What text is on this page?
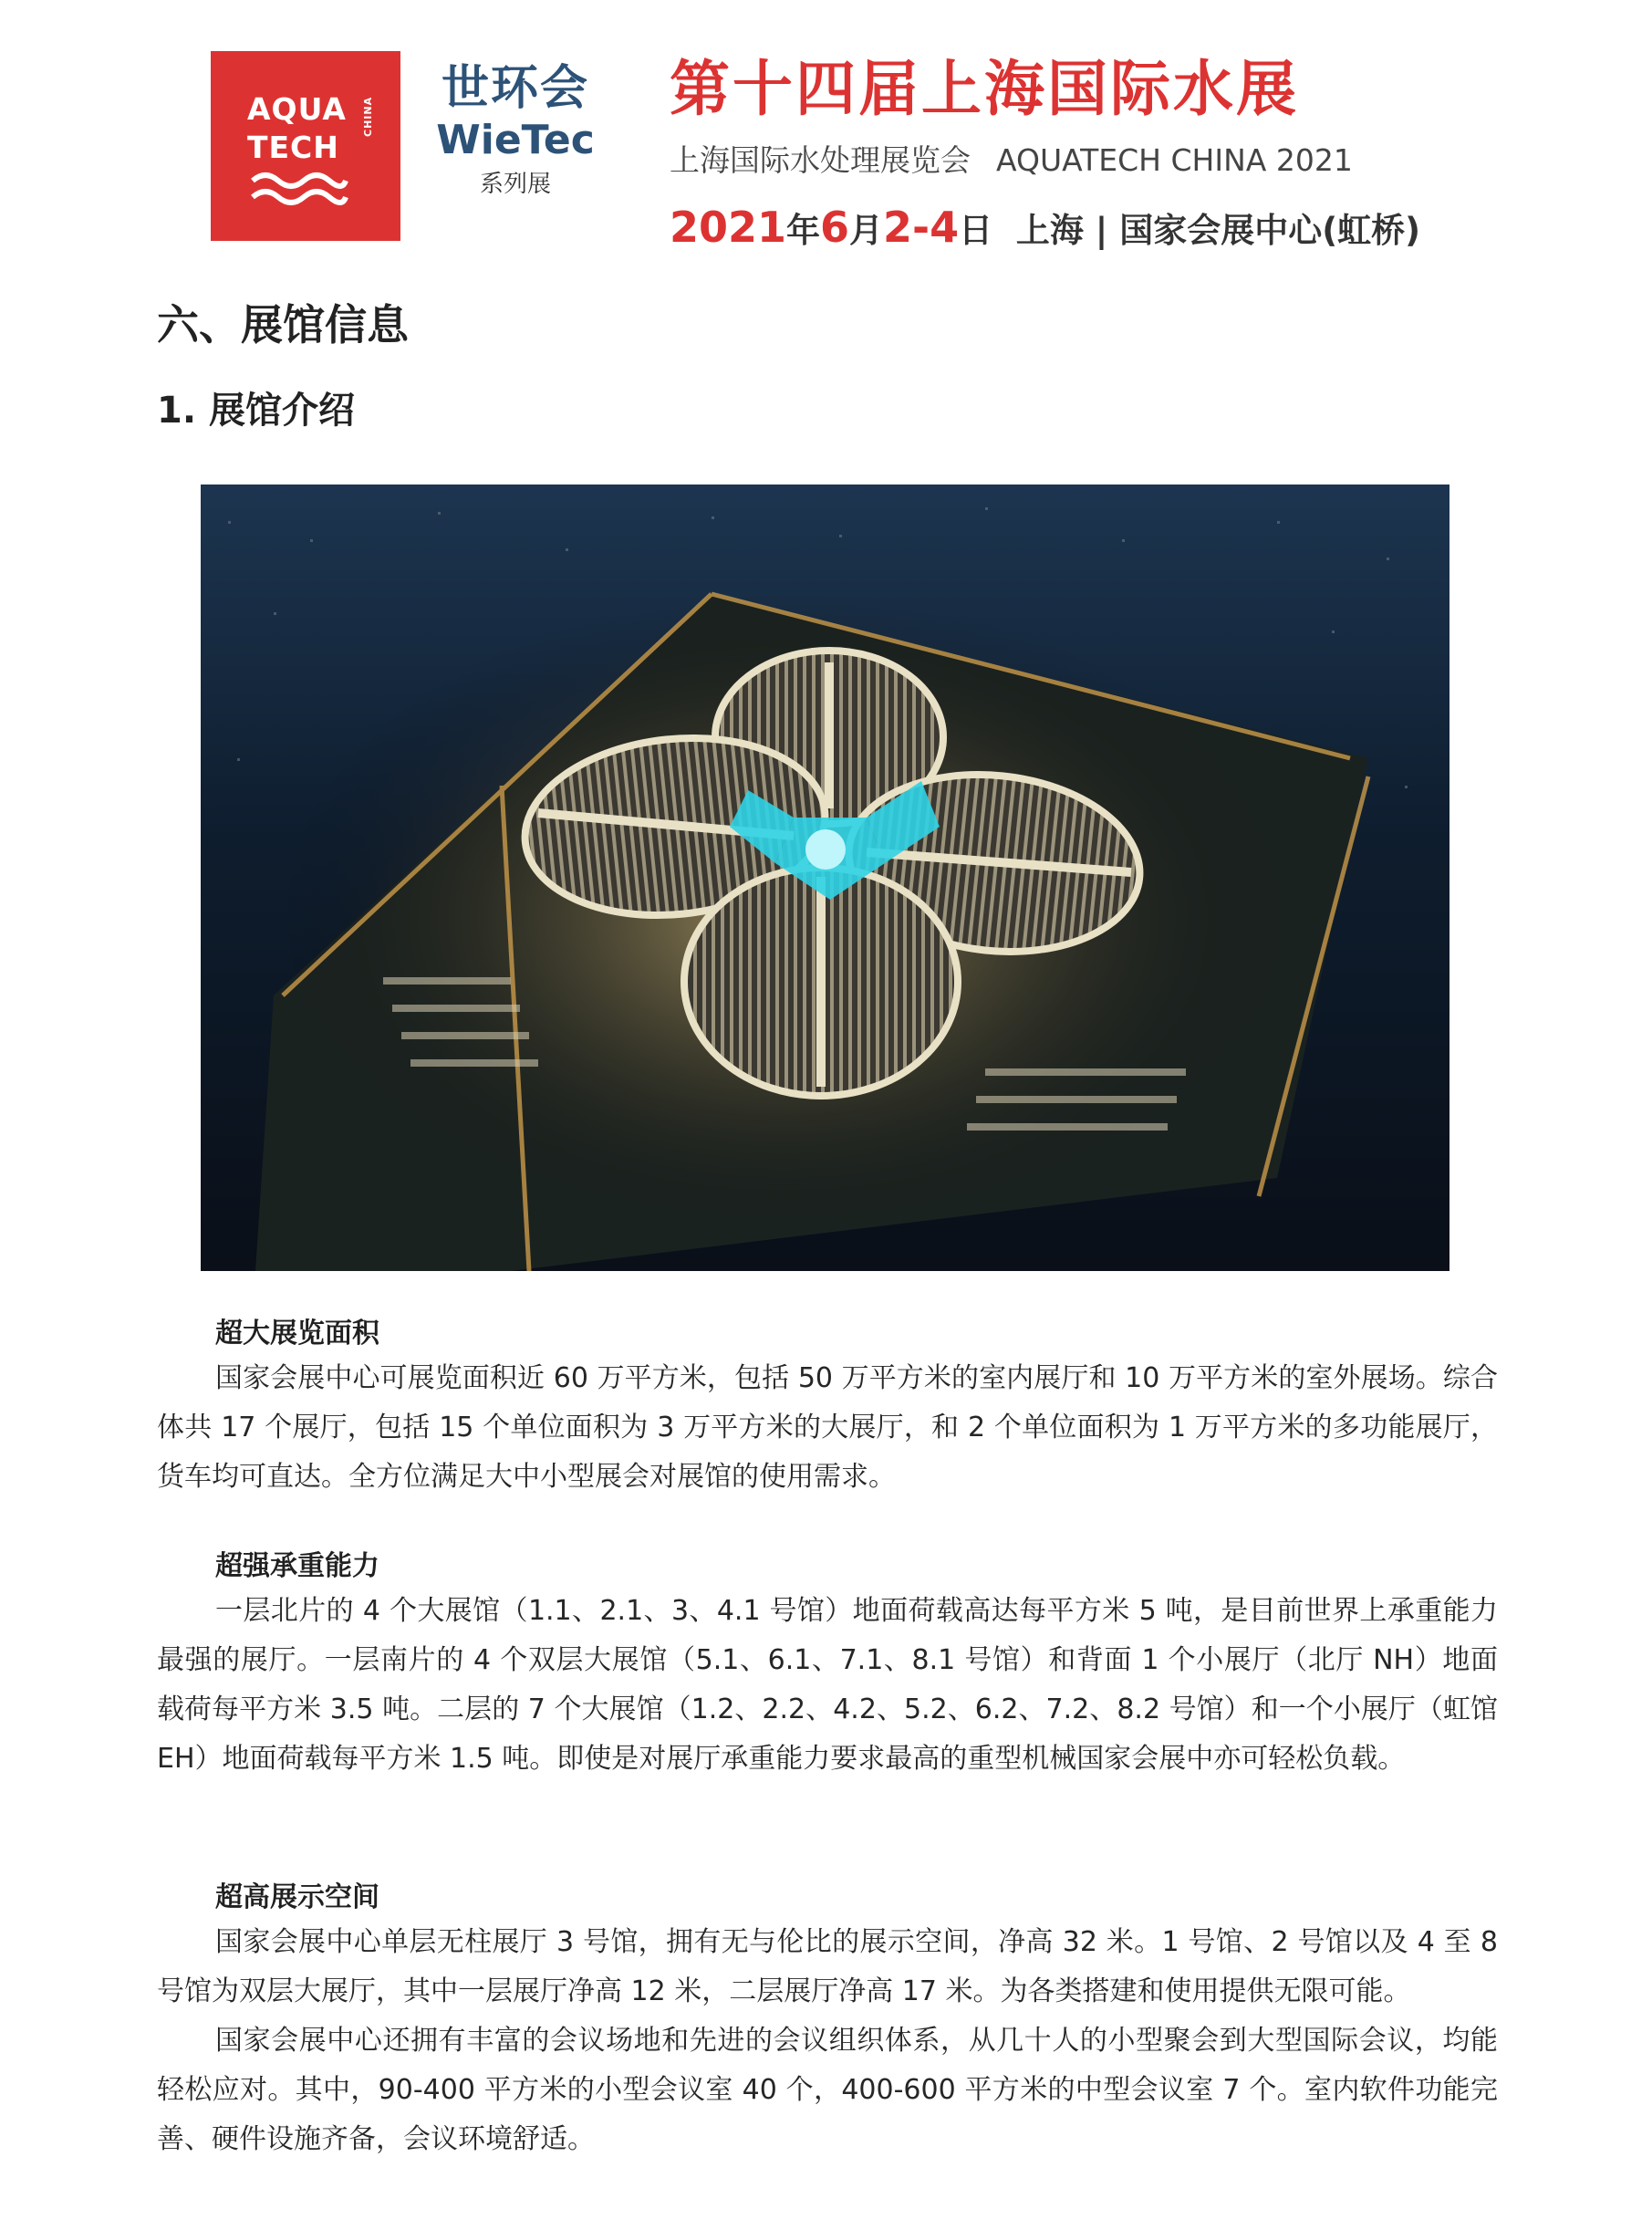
AQUA
TECH
CHINA
世环会
WieTec
系列展
第十四届上海国际水展
上海国际水处理展览会 AQUATECH CHINA 2021
2021年6月2-4日 上海 | 国家会展中心(虹桥)
六、展馆信息
1. 展馆介绍
超大展览面积

国家会展中心可展览面积近 60 万平方米，包括 50 万平方米的室内展厅和 10 万平方米的室外展场。综合体共 17 个展厅，包括 15 个单位面积为 3 万平方米的大展厅，和 2 个单位面积为 1 万平方米的多功能展厅，货车均可直达。全方位满足大中小型展会对展馆的使用需求。

超强承重能力

一层北片的 4 个大展馆（1.1、2.1、3、4.1 号馆）地面荷载高达每平方米 5 吨，是目前世界上承重能力最强的展厅。一层南片的 4 个双层大展馆（5.1、6.1、7.1、8.1 号馆）和背面 1 个小展厅（北厅 NH）地面载荷每平方米 3.5 吨。二层的 7 个大展馆（1.2、2.2、4.2、5.2、6.2、7.2、8.2 号馆）和一个小展厅（虹馆 EH）地面荷载每平方米 1.5 吨。即使是对展厅承重能力要求最高的重型机械国家会展中亦可轻松负载。

超高展示空间

国家会展中心单层无柱展厅 3 号馆，拥有无与伦比的展示空间，净高 32 米。1 号馆、2 号馆以及 4 至 8 号馆为双层大展厅，其中一层展厅净高 12 米，二层展厅净高 17 米。为各类搭建和使用提供无限可能。

国家会展中心还拥有丰富的会议场地和先进的会议组织体系，从几十人的小型聚会到大型国际会议，均能轻松应对。其中，90-400 平方米的小型会议室 40 个，400-600 平方米的中型会议室 7 个。室内软件功能完善、硬件设施齐备，会议环境舒适。
